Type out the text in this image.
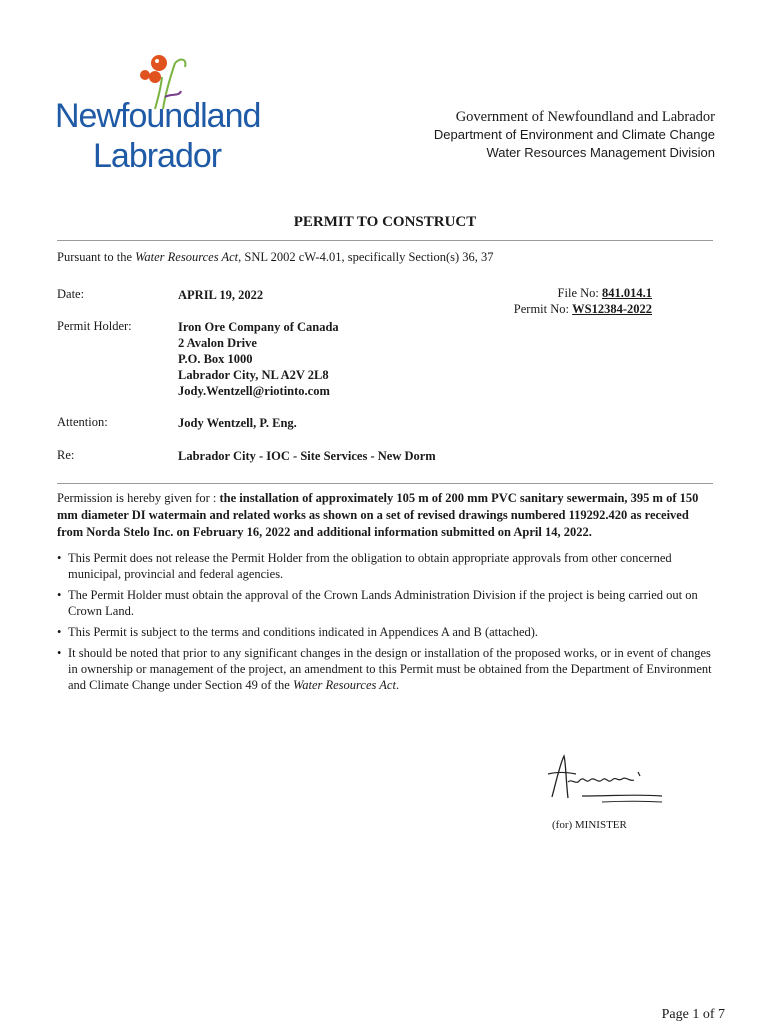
Newfoundland
Labrador
Government of Newfoundland and Labrador
Department of Environment and Climate Change
Water Resources Management Division
PERMIT TO CONSTRUCT
Pursuant to the Water Resources Act, SNL 2002 cW-4.01, specifically Section(s) 36, 37
Date:	APRIL 19, 2022	File No: 841.014.1
Permit No: WS12384-2022
Permit Holder:	Iron Ore Company of Canada
2 Avalon Drive
P.O. Box 1000
Labrador City, NL A2V 2L8
Jody.Wentzell@riotinto.com
Attention:	Jody Wentzell, P. Eng.
Re:	Labrador City - IOC - Site Services - New Dorm
Permission is hereby given for : the installation of approximately 105 m of 200 mm PVC sanitary sewermain, 395 m of 150 mm diameter DI watermain and related works as shown on a set of revised drawings numbered 119292.420 as received from Norda Stelo Inc. on February 16, 2022 and additional information submitted on April 14, 2022.
• This Permit does not release the Permit Holder from the obligation to obtain appropriate approvals from other concerned municipal, provincial and federal agencies.
• The Permit Holder must obtain the approval of the Crown Lands Administration Division if the project is being carried out on Crown Land.
• This Permit is subject to the terms and conditions indicated in Appendices A and B (attached).
• It should be noted that prior to any significant changes in the design or installation of the proposed works, or in event of changes in ownership or management of the project, an amendment to this Permit must be obtained from the Department of Environment and Climate Change under Section 49 of the Water Resources Act.
(for) MINISTER
Page 1 of 7
